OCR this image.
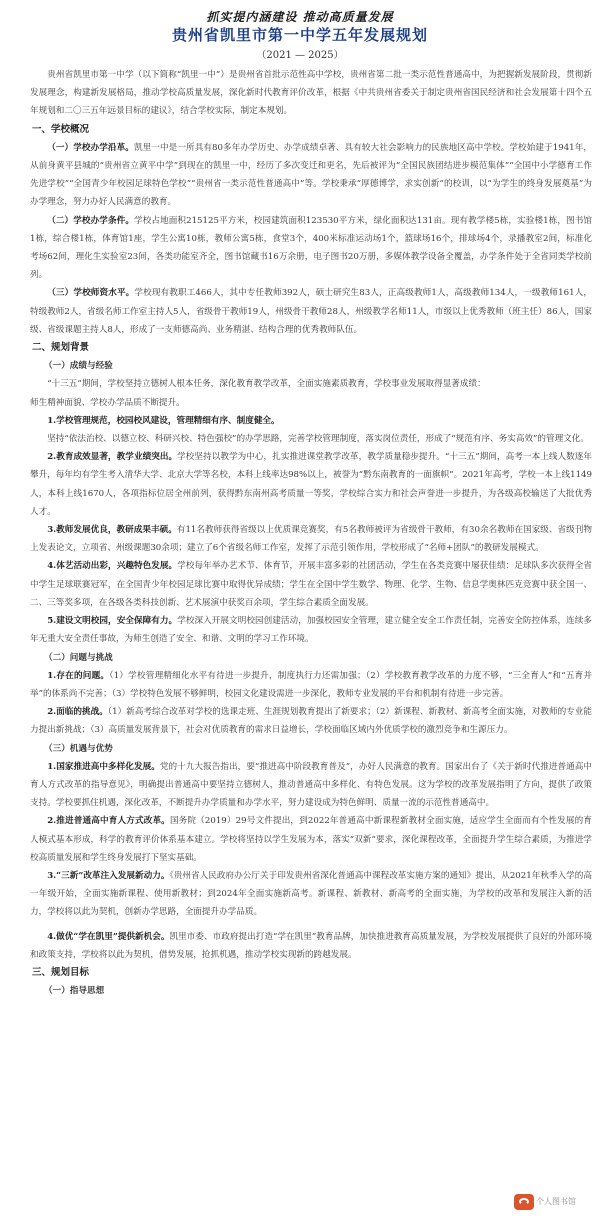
抓实提内涵建设 推动高质量发展
贵州省凯里市第一中学五年发展规划
（2021 — 2025）

贵州省凯里市第一中学（以下简称“凯里一中”）是贵州省首批示范性高中学校，贵州省第二批一类示范性普通高中，为把握新发展阶段，贯彻新发展理念，构建新发展格局，推动学校高质量发展，深化新时代教育评价改革，根据《中共贵州省委关于制定贵州省国民经济和社会发展第十四个五年规划和二〇三五年远景目标的建议》，结合学校实际，制定本规划。

一、学校概况

（一）学校办学沿革。凯里一中是一所具有80多年办学历史、办学成绩卓著、具有较大社会影响力的民族地区高中学校。学校始建于1941年，从前身黄平县城的“贵州省立黄平中学”到现在的凯里一中，经历了多次变迁和更名，先后被评为“全国民族团结进步模范集体”“全国中小学德育工作先进学校”“全国青少年校园足球特色学校”“贵州省一类示范性普通高中”等。学校秉承“厚德博学，求实创新”的校训，以“为学生的终身发展奠基”为办学理念，努力办好人民满意的教育。

（二）学校办学条件。学校占地面积215125平方米，校园建筑面积123530平方米，绿化面积达131亩。现有教学楼5栋，实验楼1栋，图书馆1栋，综合楼1栋，体育馆1座，学生公寓10栋，教师公寓5栋，食堂3个，400米标准运动场1个，篮球场16个，排球场4个，录播教室2间，标准化考场62间，理化生实验室23间，各类功能室齐全，图书馆藏书16万余册，电子图书20万册，多媒体教学设备全覆盖，办学条件处于全省同类学校前列。

（三）学校师资水平。学校现有教职工466人，其中专任教师392人，硕士研究生83人，正高级教师1人，高级教师134人，一级教师161人，特级教师2人，省级名师工作室主持人5人，省级骨干教师19人，州级骨干教师28人，州级教学名师11人，市级以上优秀教师（班主任）86人，国家级、省级课题主持人8人，形成了一支师德高尚、业务精湛、结构合理的优秀教师队伍。

二、规划背景

（一）成绩与经验

“十三五”期间，学校坚持立德树人根本任务，深化教育教学改革，全面实施素质教育，学校事业发展取得显著成绩：

师生精神面貌、学校办学品质不断提升。

1.学校管理规范，校园校风建设，管理精细有序、制度健全。

坚持“依法治校、以德立校、科研兴校、特色强校”的办学思路，完善学校管理制度，落实岗位责任，形成了“规范有序、务实高效”的管理文化。

2.教育成效显著，教学业绩突出。学校坚持以教学为中心，扎实推进课堂教学改革，教学质量稳步提升。“十三五”期间，高考一本上线人数逐年攀升，每年均有学生考入清华大学、北京大学等名校，本科上线率达98%以上，被誉为“黔东南教育的一面旗帜”。2021年高考，学校一本上线1149人，本科上线1670人，各项指标位居全州前列，获得黔东南州高考质量一等奖，学校综合实力和社会声誉进一步提升，为各级高校输送了大批优秀人才。

3.教师发展优良，教研成果丰硕。有11名教师获得省级以上优质课竞赛奖，有5名教师被评为省级骨干教师，有30余名教师在国家级、省级刊物上发表论文，立项省、州级课题30余项；建立了6个省级名师工作室，发挥了示范引领作用，学校形成了“名师+团队”的教研发展模式。

4.体艺活动出彩，兴趣特色发展。学校每年举办艺术节、体育节，开展丰富多彩的社团活动，学生在各类竞赛中屡获佳绩：足球队多次获得全省中学生足球联赛冠军，在全国青少年校园足球比赛中取得优异成绩；学生在全国中学生数学、物理、化学、生物、信息学奥林匹克竞赛中获全国一、二、三等奖多项，在各级各类科技创新、艺术展演中获奖百余项，学生综合素质全面发展。

5.建设文明校园，安全保障有力。学校深入开展文明校园创建活动，加强校园安全管理，建立健全安全工作责任制，完善安全防控体系，连续多年无重大安全责任事故，为师生创造了安全、和谐、文明的学习工作环境。

（二）问题与挑战

1.存在的问题。（1）学校管理精细化水平有待进一步提升，制度执行力还需加强；（2）学校教育教学改革的力度不够，“三全育人”和“五育并举”的体系尚不完善；（3）学校特色发展不够鲜明，校园文化建设需进一步深化，教师专业发展的平台和机制有待进一步完善。

2.面临的挑战。（1）新高考综合改革对学校的选课走班、生涯规划教育提出了新要求；（2）新课程、新教材、新高考全面实施，对教师的专业能力提出新挑战；（3）高质量发展背景下，社会对优质教育的需求日益增长，学校面临区域内外优质学校的激烈竞争和生源压力。

（三）机遇与优势

1.国家推进高中多样化发展。党的十九大报告指出，要“推进高中阶段教育普及”，办好人民满意的教育。国家出台了《关于新时代推进普通高中育人方式改革的指导意见》，明确提出普通高中要坚持立德树人，推动普通高中多样化、有特色发展。这为学校的改革发展指明了方向，提供了政策支持。学校要抓住机遇，深化改革，不断提升办学质量和办学水平，努力建设成为特色鲜明、质量一流的示范性普通高中。

2.推进普通高中育人方式改革。国务院（2019）29号文件提出，到2022年普通高中新课程新教材全面实施，适应学生全面而有个性发展的育人模式基本形成，科学的教育评价体系基本建立。学校将坚持以学生发展为本，落实“双新”要求，深化课程改革，全面提升学生综合素质，为推进学校高质量发展和学生终身发展打下坚实基础。

3.“三新”改革注入发展新动力。《贵州省人民政府办公厅关于印发贵州省深化普通高中课程改革实施方案的通知》提出，从2021年秋季入学的高一年级开始，全面实施新课程、使用新教材；到2024年全面实施新高考。新课程、新教材、新高考的全面实施，为学校的改革和发展注入新的活力，学校将以此为契机，创新办学思路，全面提升办学品质。

4.做优“学在凯里”提供新机会。凯里市委、市政府提出打造“学在凯里”教育品牌，加快推进教育高质量发展，为学校发展提供了良好的外部环境和政策支持，学校将以此为契机，借势发展，抢抓机遇，推动学校实现新的跨越发展。

三、规划目标

（一）指导思想

个人图书馆
